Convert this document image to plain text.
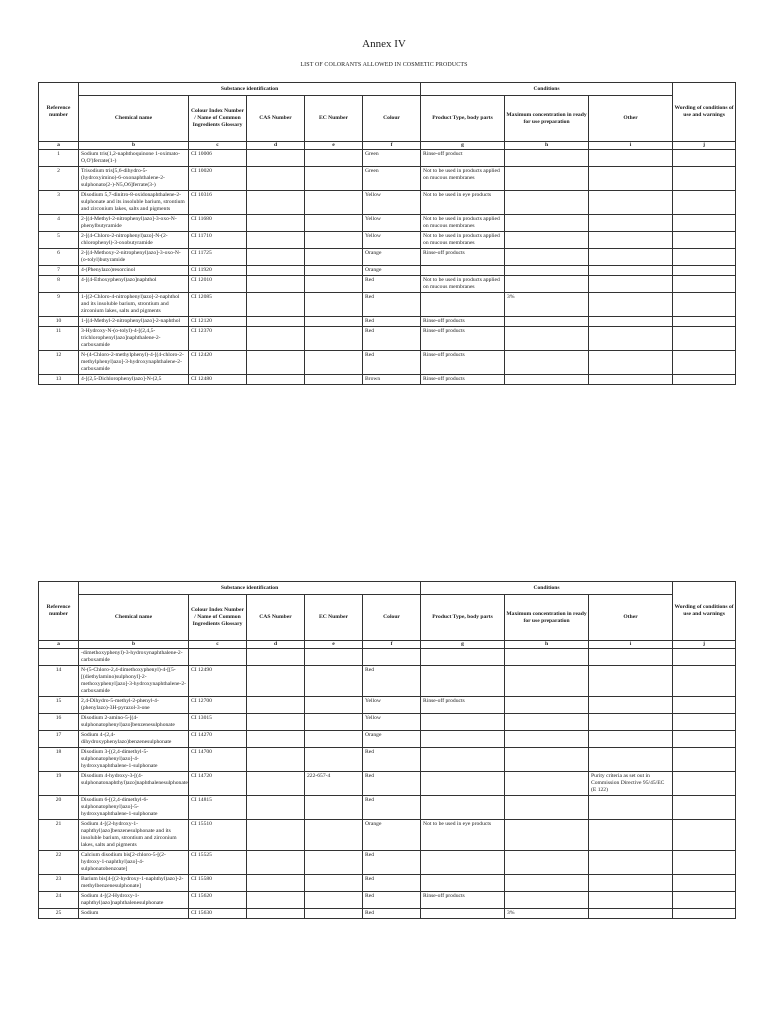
Annex IV
LIST OF COLORANTS ALLOWED IN COSMETIC PRODUCTS
Reference number	Substance identification					Conditions			Wording of conditions of use and warnings
	Chemical name	Colour Index Number / Name of Common Ingredients Glossary	CAS Number	EC Number	Colour	Product Type, body parts	Maximum concentration in ready for use preparation	Other	
a	b	c	d	e	f	g	h	i	j
1	Sodium tris(1,2-naphthoquinone 1-oximato-O,O')ferrate(1-)	CI 10006			Green	Rinse-off product			
2	Trisodium tris[5,6-dihydro-5-(hydroxyimino)-6-oxonaphthalene-2-sulphonato(2-)-N5,O6]ferrate(3-)	CI 10020			Green	Not to be used in products applied on mucous membranes			
3	Disodium 5,7-dinitro-8-oxidonaphthalene-2-sulphonate and its insoluble barium, strontium and zirconium lakes, salts and pigments	CI 10316			Yellow	Not to be used in eye products			
4	2-[(4-Methyl-2-nitrophenyl)azo]-3-oxo-N-phenylbutyramide	CI 11680			Yellow	Not to be used in products applied on mucous membranes			
5	2-[(4-Chloro-2-nitrophenyl)azo]-N-(2-chlorophenyl)-3-oxobutyramide	CI 11710			Yellow	Not to be used in products applied on mucous membranes			
6	2-[(4-Methoxy-2-nitrophenyl)azo]-3-oxo-N-(o-tolyl)butyramide	CI 11725			Orange	Rinse-off products			
7	4-(Phenylazo)resorcinol	CI 11920			Orange				
8	4-[(4-Ethoxyphenyl)azo]naphthol	CI 12010			Red	Not to be used in products applied on mucous membranes			
9	1-[(2-Chloro-4-nitrophenyl)azo]-2-naphthol and its insoluble barium, strontium and zirconium lakes, salts and pigments	CI 12085			Red		3%		
10	1-[(4-Methyl-2-nitrophenyl)azo]-2-naphthol	CI 12120			Red	Rinse-off products			
11	3-Hydroxy-N-(o-tolyl)-4-[(2,4,5-trichlorophenyl)azo]naphthalene-2-carboxamide	CI 12370			Red	Rinse-off products			
12	N-(4-Chloro-2-methylphenyl)-4-[(4-chloro-2-methylphenyl)azo]-3-hydroxynaphthalene-2-carboxamide	CI 12420			Red	Rinse-off products			
13	4-[(2,5-Dichlorophenyl)azo]-N-(2,5	CI 12480			Brown	Rinse-off products			
Reference number	Substance identification					Conditions			Wording of conditions of use and warnings
	Chemical name	Colour Index Number / Name of Common Ingredients Glossary	CAS Number	EC Number	Colour	Product Type, body parts	Maximum concentration in ready for use preparation	Other	
a	b	c	d	e	f	g	h	i	j
	-dimethoxyphenyl)-3-hydroxynaphthalene-2-carboxamide								
14	N-(5-Chloro-2,4-dimethoxyphenyl)-4-[[5-[(diethylamino)sulphonyl]-2-methoxyphenyl]azo]-3-hydroxynaphthalene-2-carboxamide	CI 12490			Red				
15	2,4-Dihydro-5-methyl-2-phenyl-4-(phenylazo)-3H-pyrazol-3-one	CI 12700			Yellow	Rinse-off products			
16	Disodium 2-amino-5-[(4-sulphonatophenyl)azo]benzenesulphonate	CI 13015			Yellow				
17	Sodium 4-(2,4-dihydroxyphenylazo)benzenesulphonate	CI 14270			Orange				
18	Disodium 3-[(2,4-dimethyl-5-sulphonatophenyl)azo]-4-hydroxynaphthalene-1-sulphonate	CI 14700			Red				
19	Disodium 4-hydroxy-3-[(4-sulphonatonaphthyl)azo]naphthalenesulphonate	CI 14720		222-657-4	Red			Purity criteria as set out in Commission Directive 95/45/EC (E 122)	
20	Disodium 6-[(2,4-dimethyl-6-sulphonatophenyl)azo]-5-hydroxynaphthalene-1-sulphonate	CI 14815			Red				
21	Sodium 4-[(2-hydroxy-1-naphthyl)azo]benzenesulphonate and its insoluble barium, strontium and zirconium lakes, salts and pigments	CI 15510			Orange	Not to be used in eye products			
22	Calcium disodium bis[2-chloro-5-[(2-hydroxy-1-naphthyl)azo]-4-sulphonatobenzoate]	CI 15525			Red				
23	Barium bis[4-[(2-hydroxy-1-naphthyl)azo]-2-methylbenzenesulphonate]	CI 15580			Red				
24	Sodium 4-[(2-Hydroxy-1-naphthyl)azo]naphthalenesulphonate	CI 15620			Red	Rinse-off products			
25	Sodium	CI 15630			Red		3%		
